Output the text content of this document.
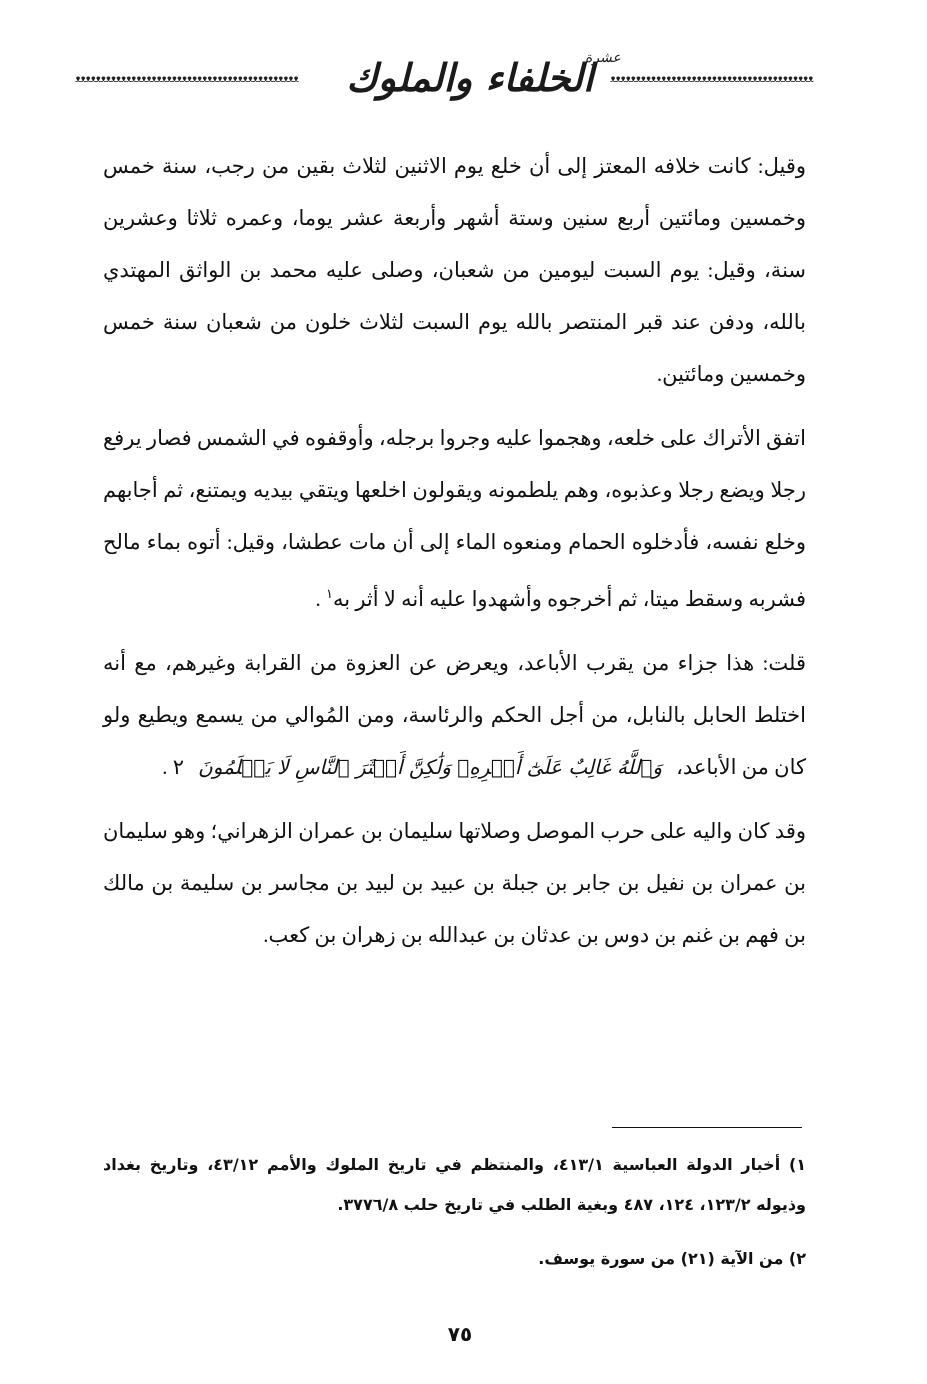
ᴥᴥᴥᴥᴥᴥᴥᴥᴥᴥᴥᴥᴥᴥᴥᴥᴥᴥᴥᴥᴥᴥᴥᴥᴥᴥᴥᴥᴥᴥᴥᴥᴥᴥᴥᴥᴥᴥᴥᴥᴥᴥᴥᴥ	الخلفاء والملوك
عشرة
ᴥᴥᴥᴥᴥᴥᴥᴥᴥᴥᴥᴥᴥᴥᴥᴥᴥᴥᴥᴥᴥᴥᴥᴥᴥᴥᴥᴥᴥᴥᴥᴥᴥᴥᴥᴥᴥᴥᴥᴥ

وقيل: كانت خلافه المعتز إلى أن خلع يوم الاثنين لثلاث بقين من رجب، سنة خمس وخمسين ومائتين أربع سنين وستة أشهر وأربعة عشر يوما، وعمره ثلاثا وعشرين سنة، وقيل: يوم السبت ليومين من شعبان، وصلى عليه محمد بن الواثق المهتدي بالله، ودفن عند قبر المنتصر بالله يوم السبت لثلاث خلون من شعبان سنة خمس وخمسين ومائتين.

اتفق الأتراك على خلعه، وهجموا عليه وجروا برجله، وأوقفوه في الشمس فصار يرفع رجلا ويضع رجلا وعذبوه، وهم يلطمونه ويقولون اخلعها ويتقي بيديه ويمتنع، ثم أجابهم وخلع نفسه، فأدخلوه الحمام ومنعوه الماء إلى أن مات عطشا، وقيل: أتوه بماء مالح فشربه وسقط ميتا، ثم أخرجوه وأشهدوا عليه أنه لا أثر به$^١$ .

قلت: هذا جزاء من يقرب الأباعد، ويعرض عن العزوة من القرابة وغيرهم، مع أنه اختلط الحابل بالنابل، من أجل الحكم والرئاسة، ومن المُوالي من يسمع ويطيع ولو كان من الأباعد،وَٱللَّهُ غَالِبٌ عَلَىٰٓ أَمۡرِهِۦ وَلَٰكِنَّ أَكۡثَرَ ٱلنَّاسِ لَا يَعۡلَمُونَ٢ .

وقد كان واليه على حرب الموصل وصلاتها سليمان بن عمران الزهراني؛ وهو سليمان بن عمران بن نفيل بن جابر بن جبلة بن عبيد بن لبيد بن مجاسر بن سليمة بن مالك بن فهم بن غنم بن دوس بن عدثان بن عبدالله بن زهران بن كعب.

١) أخبار الدولة العباسية ٤١٣/١، والمنتظم في تاريخ الملوك والأمم ٤٣/١٢، وتاريخ بغداد وذيوله ١٢٣/٢، ١٢٤، ٤٨٧ وبغية الطلب في تاريخ حلب ٣٧٧٦/٨.

٢) من الآية (٢١) من سورة يوسف.

٧٥
